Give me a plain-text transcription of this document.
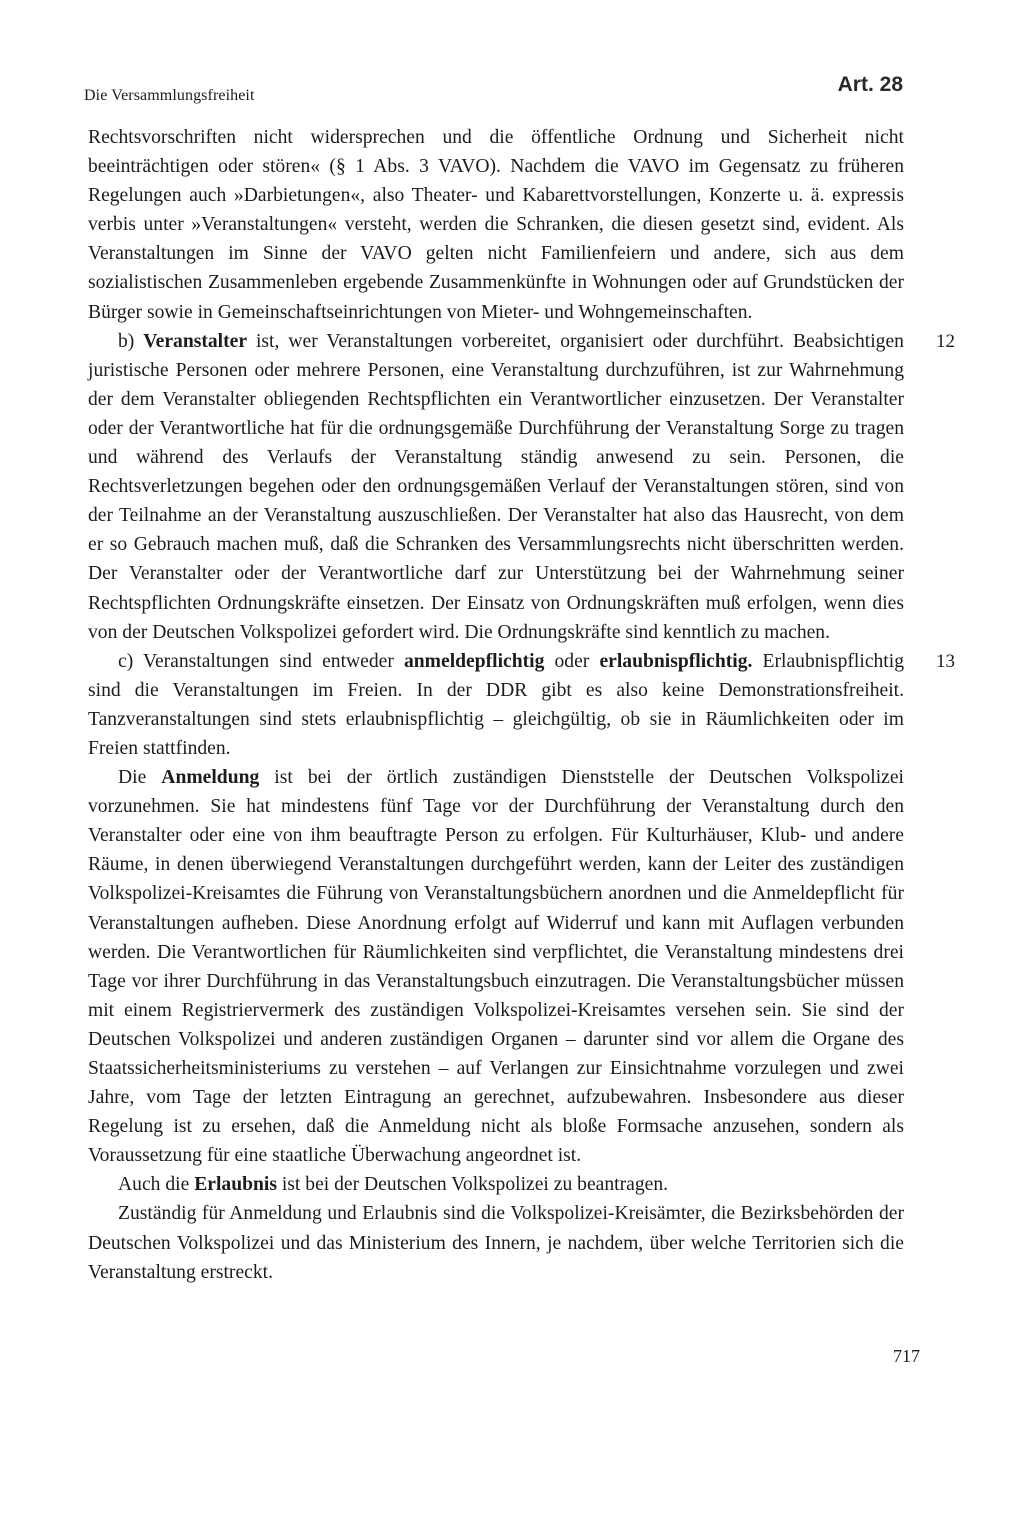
Die Versammlungsfreiheit	Art. 28

Rechtsvorschriften nicht widersprechen und die öffentliche Ordnung und Sicherheit nicht beeinträchtigen oder stören« (§ 1 Abs. 3 VAVO). Nachdem die VAVO im Gegensatz zu früheren Regelungen auch »Darbietungen«, also Theater- und Kabarettvorstellungen, Konzerte u. ä. expressis verbis unter »Veranstaltungen« versteht, werden die Schranken, die diesen gesetzt sind, evident. Als Veranstaltungen im Sinne der VAVO gelten nicht Familienfeiern und andere, sich aus dem sozialistischen Zusammenleben ergebende Zusammenkünfte in Wohnungen oder auf Grundstücken der Bürger sowie in Gemeinschaftseinrichtungen von Mieter- und Wohngemeinschaften.

12
b) Veranstalter ist, wer Veranstaltungen vorbereitet, organisiert oder durchführt. Beabsichtigen juristische Personen oder mehrere Personen, eine Veranstaltung durchzuführen, ist zur Wahrnehmung der dem Veranstalter obliegenden Rechtspflichten ein Verantwortlicher einzusetzen. Der Veranstalter oder der Verantwortliche hat für die ordnungsgemäße Durchführung der Veranstaltung Sorge zu tragen und während des Verlaufs der Veranstaltung ständig anwesend zu sein. Personen, die Rechtsverletzungen begehen oder den ordnungsgemäßen Verlauf der Veranstaltungen stören, sind von der Teilnahme an der Veranstaltung auszuschließen. Der Veranstalter hat also das Hausrecht, von dem er so Gebrauch machen muß, daß die Schranken des Versammlungsrechts nicht überschritten werden. Der Veranstalter oder der Verantwortliche darf zur Unterstützung bei der Wahrnehmung seiner Rechtspflichten Ordnungskräfte einsetzen. Der Einsatz von Ordnungskräften muß erfolgen, wenn dies von der Deutschen Volkspolizei gefordert wird. Die Ordnungskräfte sind kenntlich zu machen.

13
c) Veranstaltungen sind entweder anmeldepflichtig oder erlaubnispflichtig. Erlaubnispflichtig sind die Veranstaltungen im Freien. In der DDR gibt es also keine Demonstrationsfreiheit. Tanzveranstaltungen sind stets erlaubnispflichtig – gleichgültig, ob sie in Räumlichkeiten oder im Freien stattfinden.

Die Anmeldung ist bei der örtlich zuständigen Dienststelle der Deutschen Volkspolizei vorzunehmen. Sie hat mindestens fünf Tage vor der Durchführung der Veranstaltung durch den Veranstalter oder eine von ihm beauftragte Person zu erfolgen. Für Kulturhäuser, Klub- und andere Räume, in denen überwiegend Veranstaltungen durchgeführt werden, kann der Leiter des zuständigen Volkspolizei-Kreisamtes die Führung von Veranstaltungsbüchern anordnen und die Anmeldepflicht für Veranstaltungen aufheben. Diese Anordnung erfolgt auf Widerruf und kann mit Auflagen verbunden werden. Die Verantwortlichen für Räumlichkeiten sind verpflichtet, die Veranstaltung mindestens drei Tage vor ihrer Durchführung in das Veranstaltungsbuch einzutragen. Die Veranstaltungsbücher müssen mit einem Registriervermerk des zuständigen Volkspolizei-Kreisamtes versehen sein. Sie sind der Deutschen Volkspolizei und anderen zuständigen Organen – darunter sind vor allem die Organe des Staatssicherheitsministeriums zu verstehen – auf Verlangen zur Einsichtnahme vorzulegen und zwei Jahre, vom Tage der letzten Eintragung an gerechnet, aufzubewahren. Insbesondere aus dieser Regelung ist zu ersehen, daß die Anmeldung nicht als bloße Formsache anzusehen, sondern als Voraussetzung für eine staatliche Überwachung angeordnet ist.

Auch die Erlaubnis ist bei der Deutschen Volkspolizei zu beantragen.

Zuständig für Anmeldung und Erlaubnis sind die Volkspolizei-Kreisämter, die Bezirksbehörden der Deutschen Volkspolizei und das Ministerium des Innern, je nachdem, über welche Territorien sich die Veranstaltung erstreckt.

717
